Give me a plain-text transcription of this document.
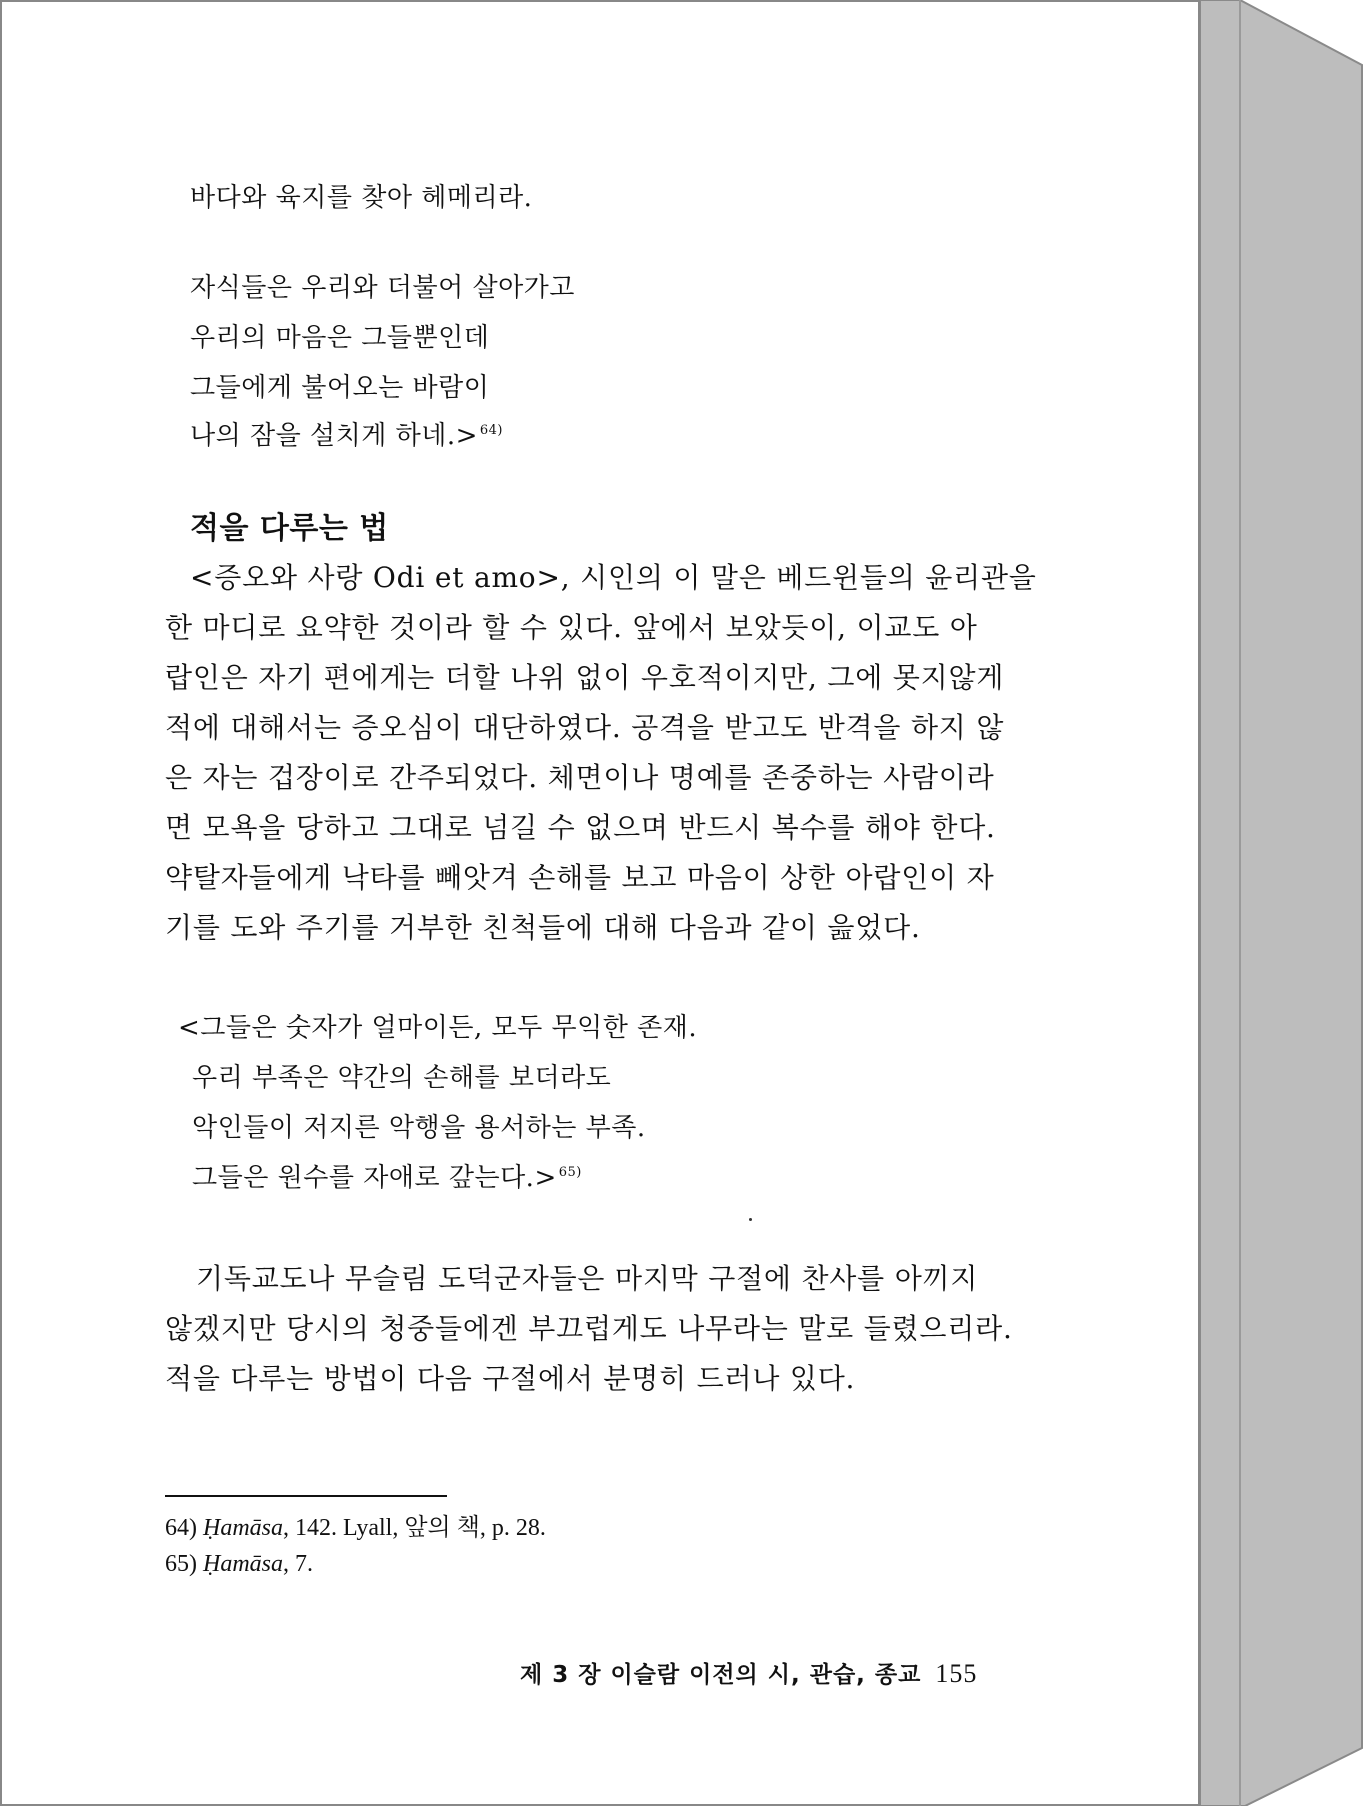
바다와 육지를 찾아 헤메리라.
자식들은 우리와 더불어 살아가고
우리의 마음은 그들뿐인데
그들에게 불어오는 바람이
나의 잠을 설치게 하네.> $^{64)}$
적을 다루는 법
<증오와 사랑 Odi et amo>, 시인의 이 말은 베드윈들의 윤리관을
한 마디로 요약한 것이라 할 수 있다. 앞에서 보았듯이, 이교도 아
랍인은 자기 편에게는 더할 나위 없이 우호적이지만, 그에 못지않게
적에 대해서는 증오심이 대단하였다. 공격을 받고도 반격을 하지 않
은 자는 겁장이로 간주되었다. 체면이나 명예를 존중하는 사람이라
면 모욕을 당하고 그대로 넘길 수 없으며 반드시 복수를 해야 한다.
약탈자들에게 낙타를 빼앗겨 손해를 보고 마음이 상한 아랍인이 자
기를 도와 주기를 거부한 친척들에 대해 다음과 같이 읊었다.
<그들은 숫자가 얼마이든, 모두 무익한 존재.
우리 부족은 약간의 손해를 보더라도
악인들이 저지른 악행을 용서하는 부족.
그들은 원수를 자애로 갚는다.> $^{65)}$
기독교도나 무슬림 도덕군자들은 마지막 구절에 찬사를 아끼지
않겠지만 당시의 청중들에겐 부끄럽게도 나무라는 말로 들렸으리라.
적을 다루는 방법이 다음 구절에서 분명히 드러나 있다.
64) Ḥamāsa, 142. Lyall, 앞의 책, p. 28.
65) Ḥamāsa, 7.
제 3 장 이슬람 이전의 시, 관습, 종교 155
